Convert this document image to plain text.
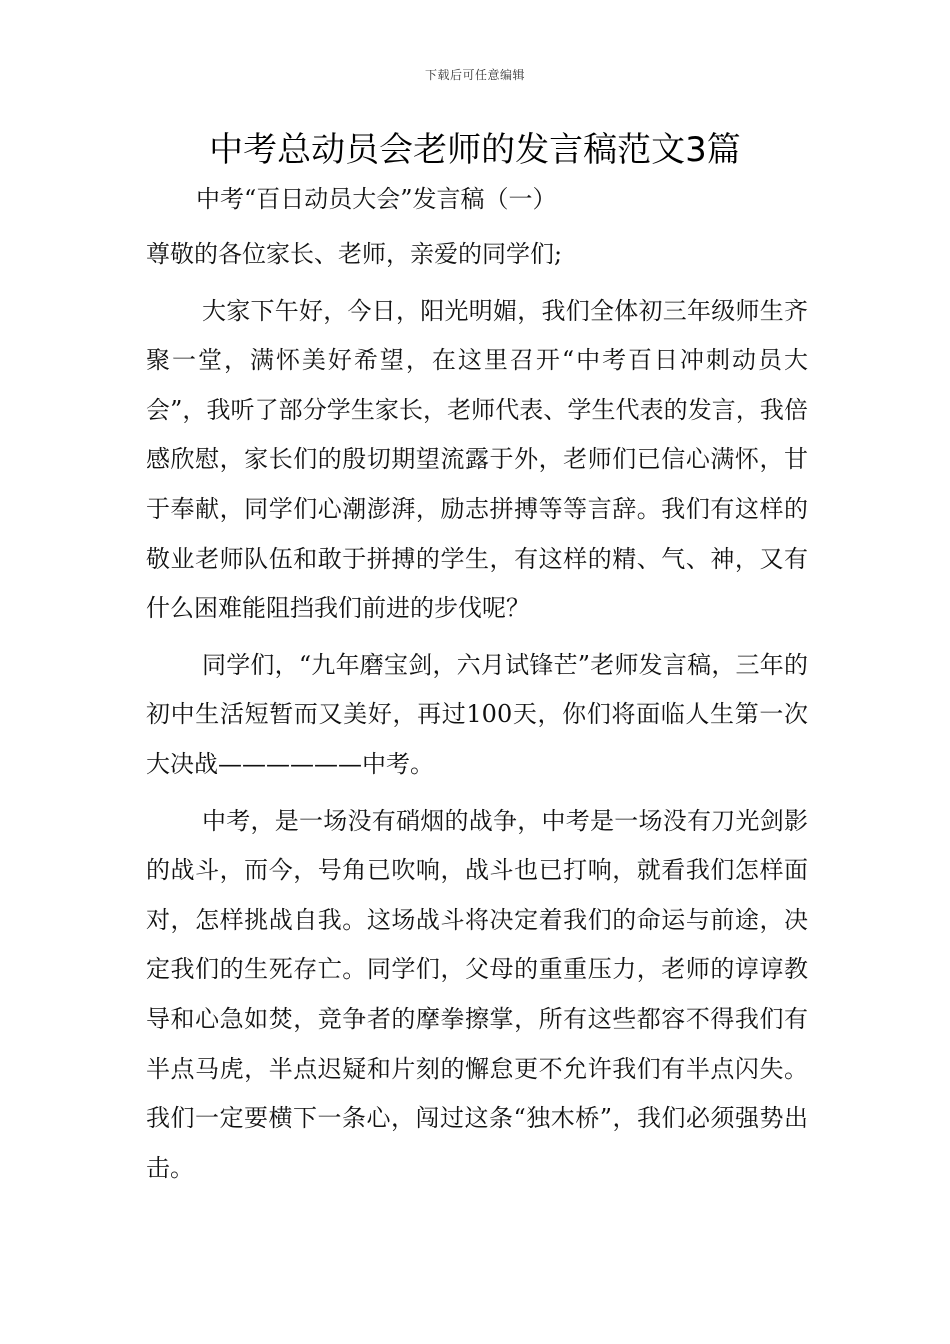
下载后可任意编辑
中考总动员会老师的发言稿范文3篇
中考“百日动员大会”发言稿（一）

尊敬的各位家长、老师，亲爱的同学们;

大家下午好，今日，阳光明媚，我们全体初三年级师生齐聚一堂，满怀美好希望，在这里召开“中考百日冲刺动员大会”，我听了部分学生家长，老师代表、学生代表的发言，我倍感欣慰，家长们的殷切期望流露于外，老师们已信心满怀，甘于奉献，同学们心潮澎湃，励志拼搏等等言辞。我们有这样的敬业老师队伍和敢于拼搏的学生，有这样的精、气、神，又有什么困难能阻挡我们前进的步伐呢？

同学们，“九年磨宝剑，六月试锋芒”老师发言稿，三年的初中生活短暂而又美好，再过100天，你们将面临人生第一次大决战——————中考。

中考，是一场没有硝烟的战争，中考是一场没有刀光剑影的战斗，而今，号角已吹响，战斗也已打响，就看我们怎样面对，怎样挑战自我。这场战斗将决定着我们的命运与前途，决定我们的生死存亡。同学们，父母的重重压力，老师的谆谆教导和心急如焚，竞争者的摩拳擦掌，所有这些都容不得我们有半点马虎，半点迟疑和片刻的懈怠更不允许我们有半点闪失。我们一定要横下一条心，闯过这条“独木桥”，我们必须强势出击。
